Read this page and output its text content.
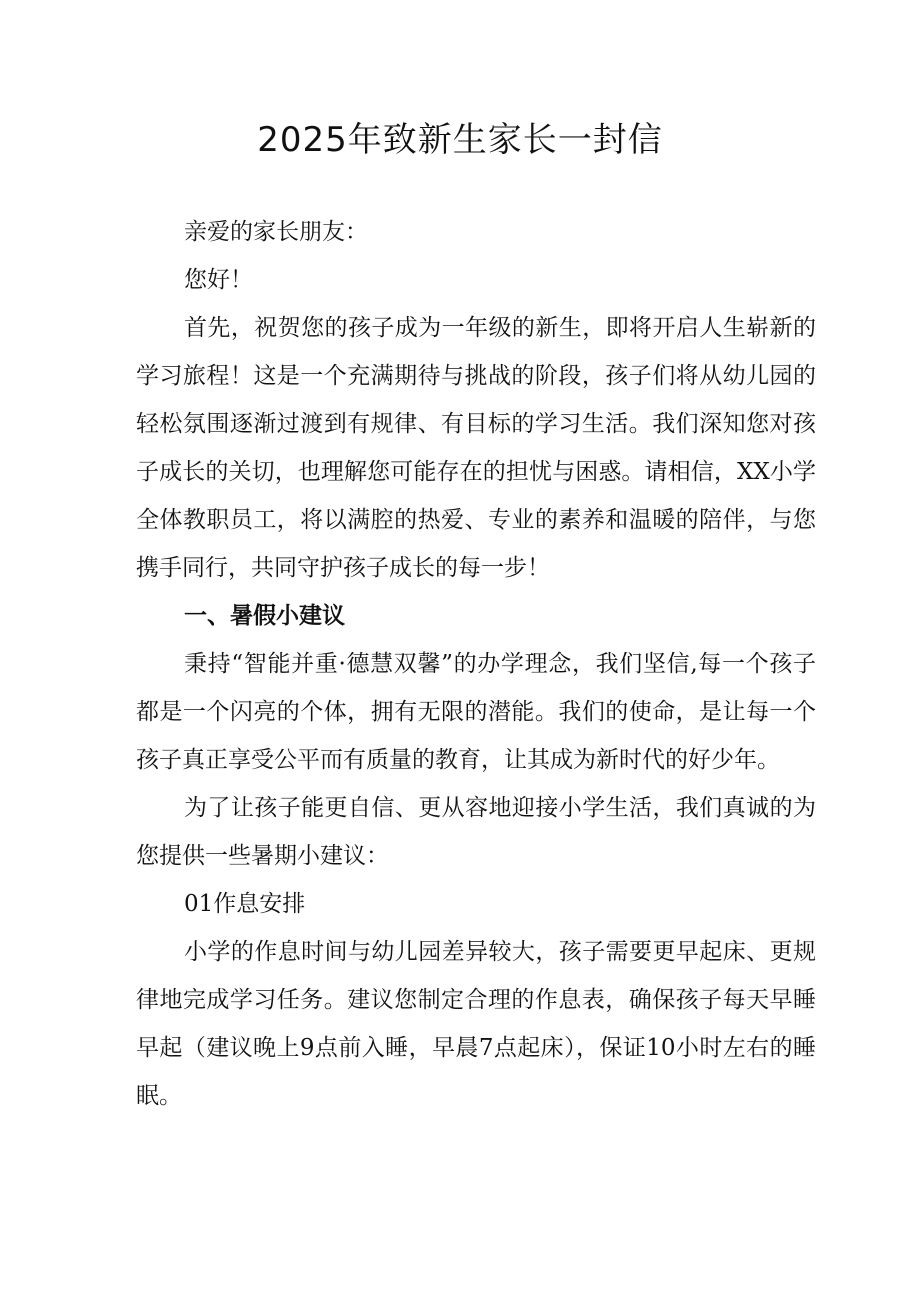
2025年致新生家长一封信

亲爱的家长朋友：

您好！

首先，祝贺您的孩子成为一年级的新生，即将开启人生崭新的学习旅程！这是一个充满期待与挑战的阶段，孩子们将从幼儿园的轻松氛围逐渐过渡到有规律、有目标的学习生活。我们深知您对孩子成长的关切，也理解您可能存在的担忧与困惑。请相信，XX小学全体教职员工，将以满腔的热爱、专业的素养和温暖的陪伴，与您携手同行，共同守护孩子成长的每一步！

一、暑假小建议

秉持“智能并重·德慧双馨”的办学理念，我们坚信,每一个孩子都是一个闪亮的个体，拥有无限的潜能。我们的使命，是让每一个孩子真正享受公平而有质量的教育，让其成为新时代的好少年。

为了让孩子能更自信、更从容地迎接小学生活，我们真诚的为您提供一些暑期小建议：

01作息安排

小学的作息时间与幼儿园差异较大，孩子需要更早起床、更规律地完成学习任务。建议您制定合理的作息表，确保孩子每天早睡早起（建议晚上9点前入睡，早晨7点起床），保证10小时左右的睡眠。
